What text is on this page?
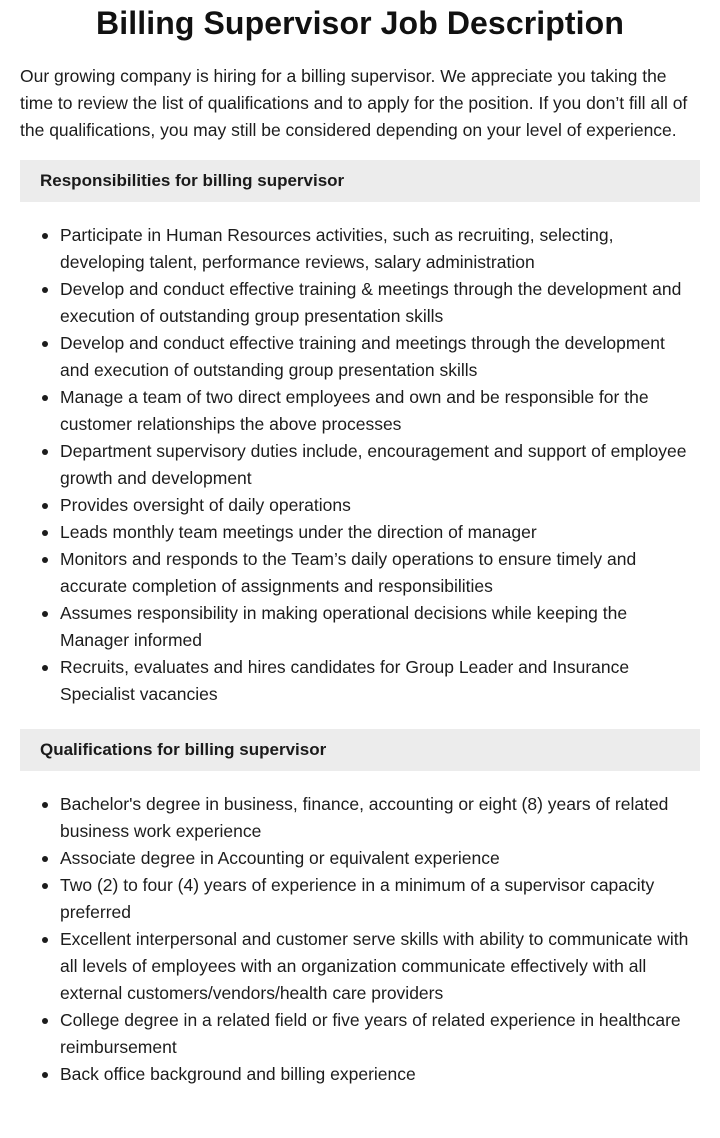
Billing Supervisor Job Description

Our growing company is hiring for a billing supervisor. We appreciate you taking the time to review the list of qualifications and to apply for the position. If you don’t fill all of the qualifications, you may still be considered depending on your level of experience.

Responsibilities for billing supervisor
Participate in Human Resources activities, such as recruiting, selecting, developing talent, performance reviews, salary administration
Develop and conduct effective training & meetings through the development and execution of outstanding group presentation skills
Develop and conduct effective training and meetings through the development and execution of outstanding group presentation skills
Manage a team of two direct employees and own and be responsible for the customer relationships the above processes
Department supervisory duties include, encouragement and support of employee growth and development
Provides oversight of daily operations
Leads monthly team meetings under the direction of manager
Monitors and responds to the Team’s daily operations to ensure timely and accurate completion of assignments and responsibilities
Assumes responsibility in making operational decisions while keeping the Manager informed
Recruits, evaluates and hires candidates for Group Leader and Insurance Specialist vacancies
Qualifications for billing supervisor
Bachelor's degree in business, finance, accounting or eight (8) years of related business work experience
Associate degree in Accounting or equivalent experience
Two (2) to four (4) years of experience in a minimum of a supervisor capacity preferred
Excellent interpersonal and customer serve skills with ability to communicate with all levels of employees with an organization communicate effectively with all external customers/vendors/health care providers
College degree in a related field or five years of related experience in healthcare reimbursement
Back office background and billing experience
